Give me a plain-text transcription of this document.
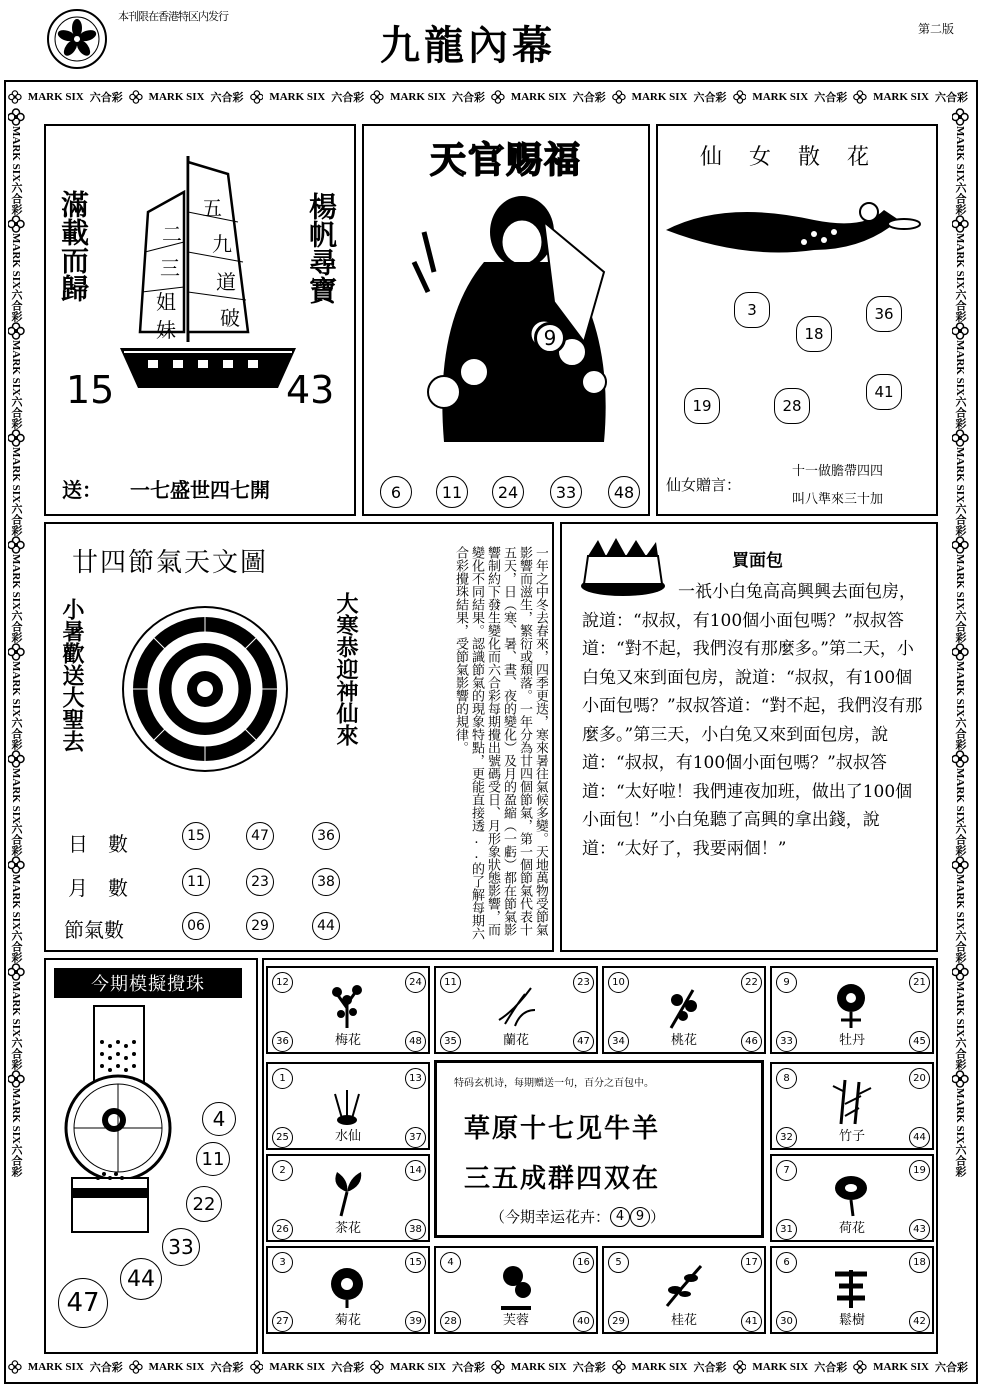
本刊限在香港特区内发行
九龍內幕	第二版
MARK SIX 六合彩 MARK SIX 六合彩 MARK SIX 六合彩 MARK SIX 六合彩 MARK SIX 六合彩 MARK SIX 六合彩 MARK SIX 六合彩 MARK SIX 六合彩
MARK SIX 六合彩 MARK SIX 六合彩 MARK SIX 六合彩 MARK SIX 六合彩 MARK SIX 六合彩 MARK SIX 六合彩 MARK SIX 六合彩 MARK SIX 六合彩
MARK SIX
六合彩
MARK SIX
六合彩
MARK SIX
六合彩
MARK SIX
六合彩
MARK SIX
六合彩
MARK SIX
六合彩
MARK SIX
六合彩
MARK SIX
六合彩
MARK SIX
六合彩
MARK SIX
六合彩
MARK SIX
六合彩
MARK SIX
六合彩
MARK SIX
六合彩
MARK SIX
六合彩
MARK SIX
六合彩
MARK SIX
六合彩
MARK SIX
六合彩
MARK SIX
六合彩
MARK SIX
六合彩
MARK SIX
六合彩
滿載而歸	楊帆尋寶
五
九
道
破
二
三
姐
妹
15	43
送： 一七盛世四七開
天官赐福
9
6	11	24	33	48
仙 女 散 花
3
18
36
19	28
41
仙女贈言：
十一做膽帶四四
叫八準來三十加
廿四節氣天文圖
小暑歡送大聖去	大寒恭迎神仙來
日　數	15	47	36
月　數	11	23	38
節氣數	06	29	44	一年之中冬去春來，四季更迭，寒來暑往氣候多變。天地萬物受節氣影響而滋生，繁衍或頹落。一年分為廿四個節氣，第一個節氣代表十五天，日（寒、暑、晝、夜的變化）及月的盈縮（一虧）都在節氣影響制約下發生變化而六合彩每期攪出號碼受日、月形象狀態影響，而變化不同結果。認識節氣的現象特點，更能直接透..的了解每期六合彩攪珠結果，受節氣影響的規律。	買面包

一祇小白兔高高興興去面包房，說道：“叔叔，有100個小面包嗎？”叔叔答道：“對不起，我們沒有那麼多。”第二天，小白兔又來到面包房，說道：“叔叔，有100個小面包嗎？”叔叔答道：“對不起，我們沒有那麼多。”第三天，小白兔又來到面包房，說道：“叔叔，有100個小面包嗎？”叔叔答道：“太好啦！我們連夜加班，做出了100個小面包！”小白兔聽了高興的拿出錢，說道：“太好了，我要兩個！”

今期模擬攪珠
4
11
22
33
44
47
12	24
36	48
梅花
11	23
35	47
蘭花
10	22
34	46
桃花
9	21
33	45
牡丹
1	13
25	37
水仙
8	20
32	44
竹子
2	14
26	38
茶花
7	19
31	43
荷花
3	15
27	39
菊花
4	16
28	40
芙蓉
5	17
29	41
桂花
6	18
30	42
鬆樹
特码玄机诗，每期赠送一句，百分之百包中。
草原十七见牛羊
三五成群四双在
（今期幸运花卉： 4 9 ）
